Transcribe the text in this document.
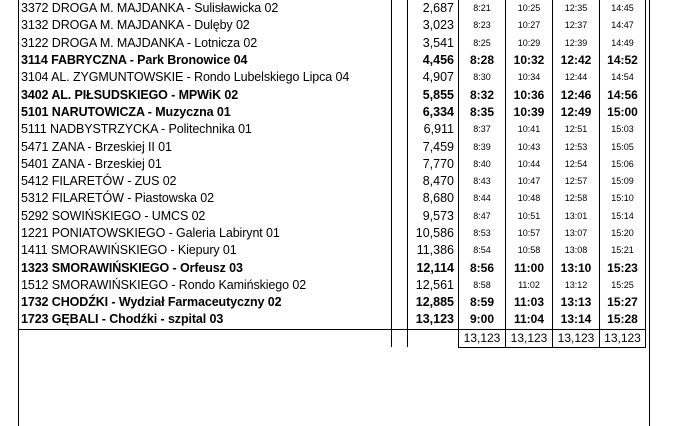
3372 DROGA M. MAJDANKA - Sulisławicka 02		2,687	8:21	10:25	12:35	14:45
3132 DROGA M. MAJDANKA - Dulęby 02		3,023	8:23	10:27	12:37	14:47
3122 DROGA M. MAJDANKA - Lotnicza 02		3,541	8:25	10:29	12:39	14:49
3114 FABRYCZNA - Park Bronowice 04		4,456	8:28	10:32	12:42	14:52
3104 AL. ZYGMUNTOWSKIE - Rondo Lubelskiego Lipca 04		4,907	8:30	10:34	12:44	14:54
3402 AL. PIŁSUDSKIEGO - MPWiK 02		5,855	8:32	10:36	12:46	14:56
5101 NARUTOWICZA - Muzyczna 01		6,334	8:35	10:39	12:49	15:00
5111 NADBYSTRZYCKA - Politechnika 01		6,911	8:37	10:41	12:51	15:03
5471 ZANA - Brzeskiej II 01		7,459	8:39	10:43	12:53	15:05
5401 ZANA - Brzeskiej 01		7,770	8:40	10:44	12:54	15:06
5412 FILARETÓW - ZUS 02		8,470	8:43	10:47	12:57	15:09
5312 FILARETÓW - Piastowska 02		8,680	8:44	10:48	12:58	15:10
5292 SOWIŃSKIEGO - UMCS 02		9,573	8:47	10:51	13:01	15:14
1221 PONIATOWSKIEGO - Galeria Labirynt 01		10,586	8:53	10:57	13:07	15:20
1411 SMORAWIŃSKIEGO - Kiepury 01		11,386	8:54	10:58	13:08	15:21
1323 SMORAWIŃSKIEGO - Orfeusz 03		12,114	8:56	11:00	13:10	15:23
1512 SMORAWIŃSKIEGO - Rondo Kamińskiego 02		12,561	8:58	11:02	13:12	15:25
1732 CHODŹKI - Wydział Farmaceutyczny 02		12,885	8:59	11:03	13:13	15:27
1723 GĘBALI - Chodźki - szpital 03		13,123	9:00	11:04	13:14	15:28
			13,123	13,123	13,123	13,123
